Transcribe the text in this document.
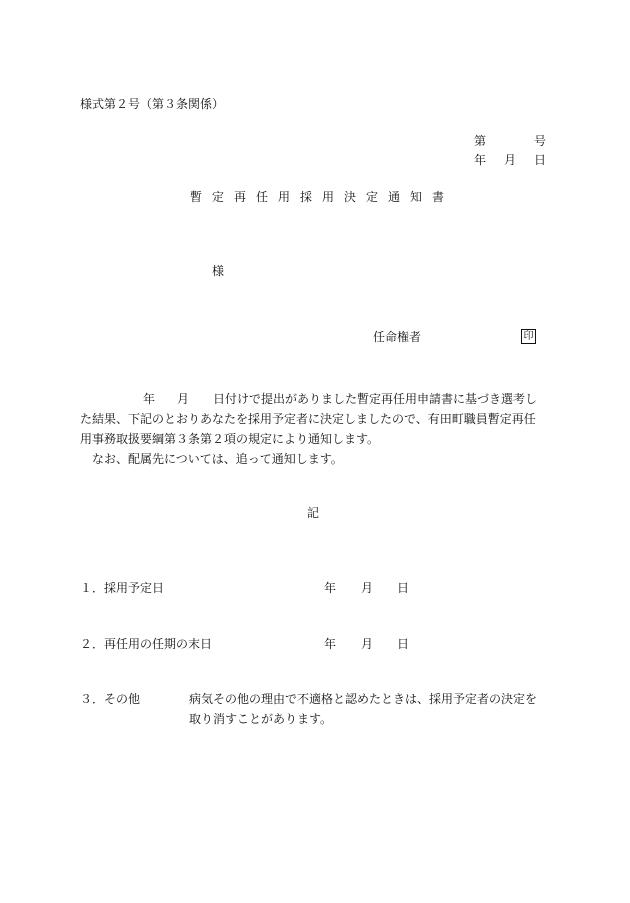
様式第２号（第３条関係）
第	号
年 月 日
暫定再任用採用決定通知書
様
任命権者	印
年 月 日付けで提出がありました暫定再任用申請書に基づき選考し
た結果、下記のとおりあなたを採用予定者に決定しましたので、有田町職員暫定再任
用事務取扱要綱第３条第２項の規定により通知します。
なお、配属先については、追って通知します。
記
１． 採用予定日	年 月 日
２． 再任用の任期の末日	年 月 日
３． その他	病気その他の理由で不適格と認めたときは、採用予定者の決定を
取り消すことがあります。
